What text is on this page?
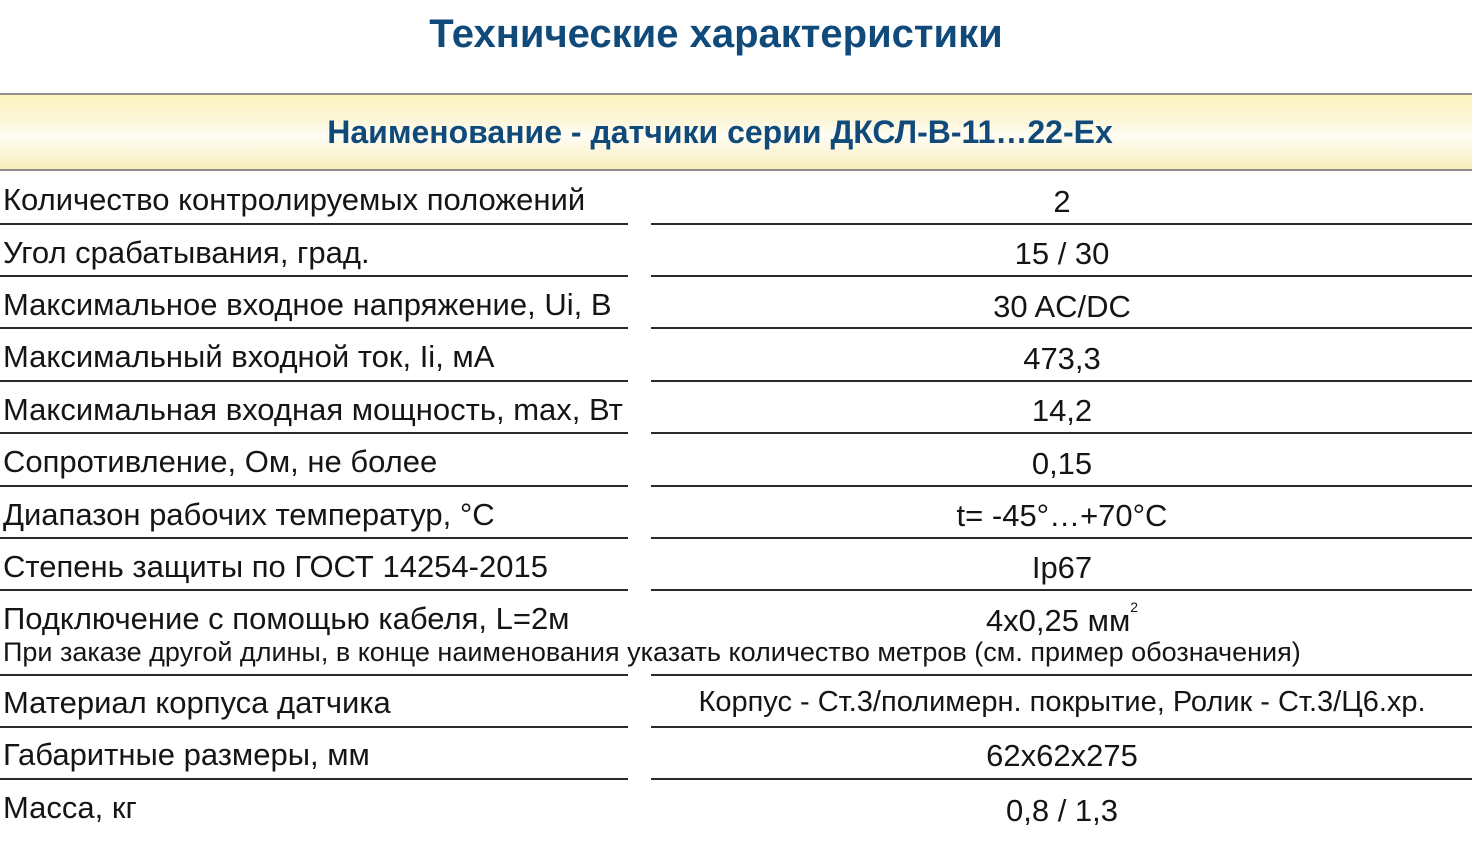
Технические характеристики
Наименование - датчики серии ДКСЛ-В-11…22-Ex
Количество контролируемых положений	2
Угол срабатывания, град.	15 / 30
Максимальное входное напряжение, Ui, В	30 AC/DC
Максимальный входной ток, Ii, мА	473,3
Максимальная входная мощность, max, Вт	14,2
Сопротивление, Ом, не более	0,15
Диапазон рабочих температур, °С	t= -45°…+70°С
Степень защиты по ГОСТ 14254-2015	Ip67
Подключение с помощью кабеля, L=2м	4x0,25 $мм^2$
При заказе другой длины, в конце наименования указать количество метров (см. пример обозначения)
Материал корпуса датчика	Корпус - Ст.3/полимерн. покрытие, Ролик - Ст.3/Ц6.хр.
Габаритные размеры, мм	62x62x275
Масса, кг	0,8 / 1,3
